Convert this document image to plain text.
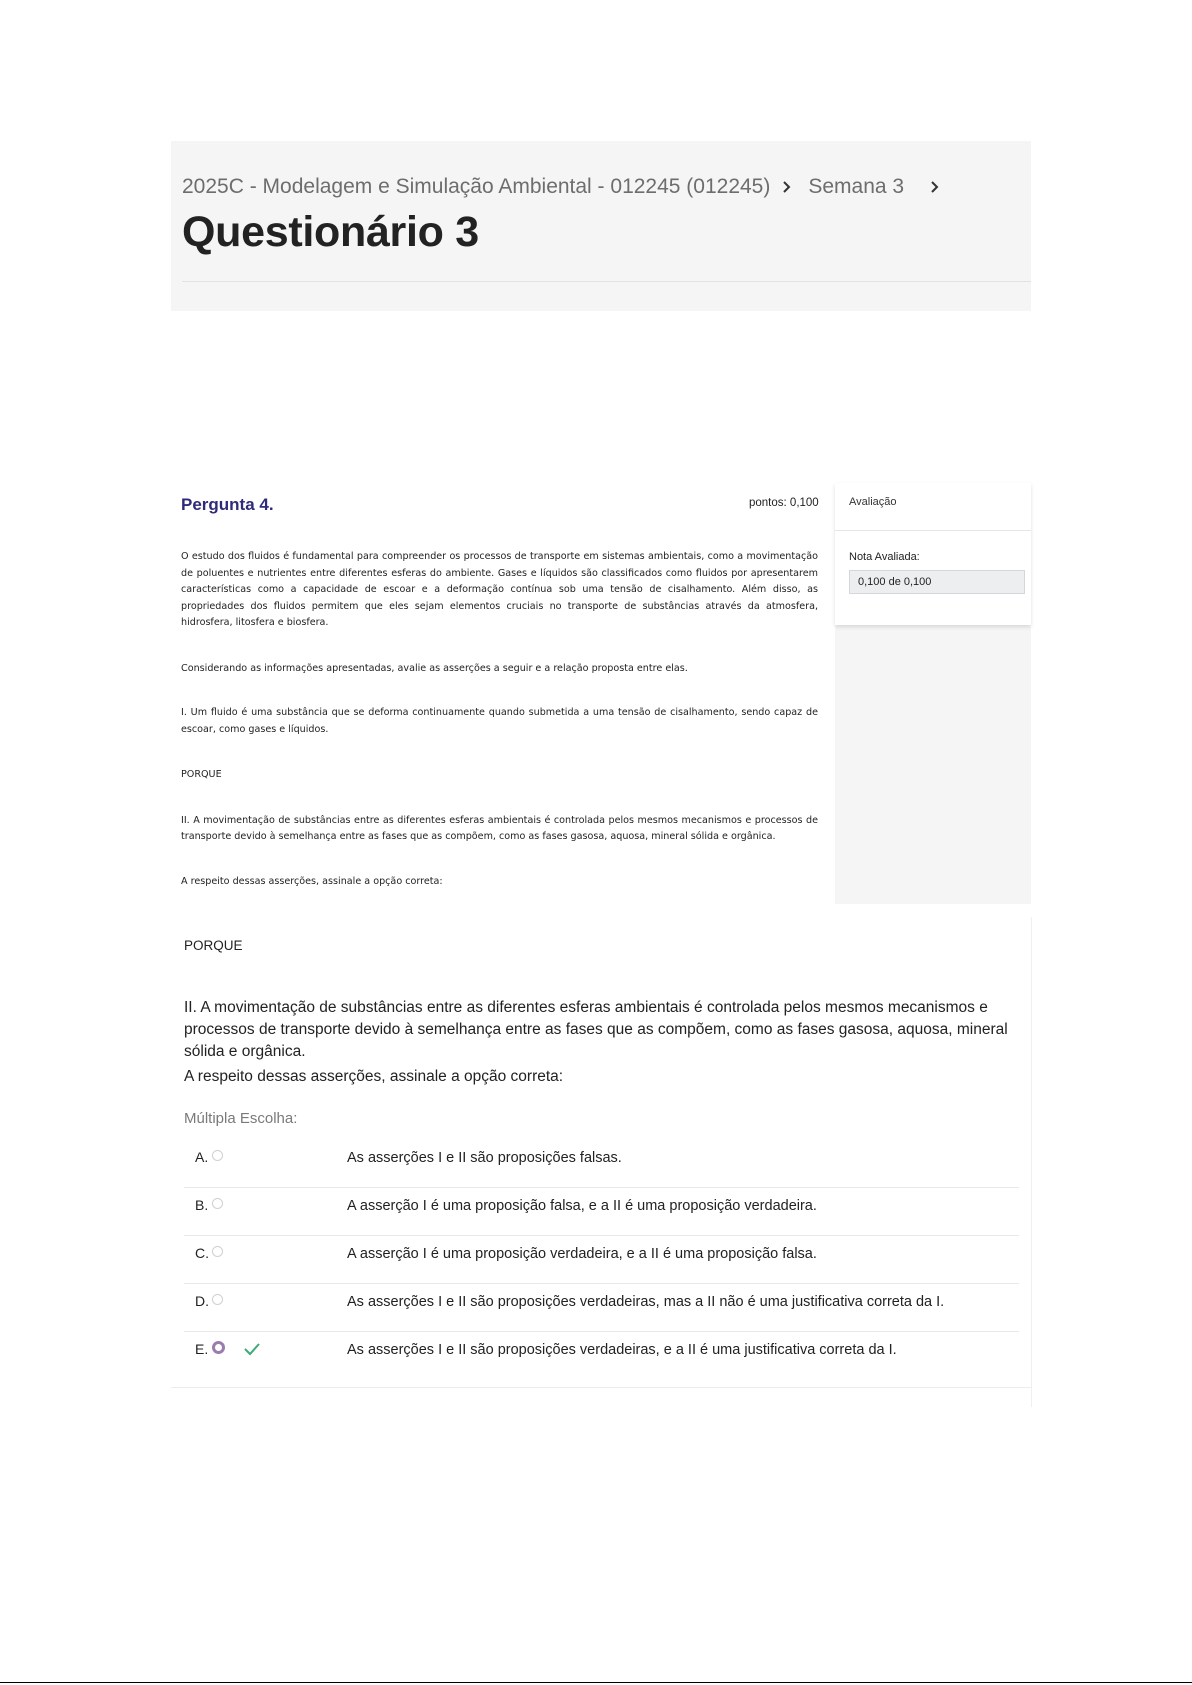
2025C - Modelagem e Simulação Ambiental - 012245 (012245) Semana 3
Questionário 3
Pergunta 4.	pontos: 0,100

O estudo dos fluidos é fundamental para compreender os processos de transporte em sistemas ambientais, como a movimentação de poluentes e nutrientes entre diferentes esferas do ambiente. Gases e líquidos são classificados como fluidos por apresentarem características como a capacidade de escoar e a deformação contínua sob uma tensão de cisalhamento. Além disso, as propriedades dos fluidos permitem que eles sejam elementos cruciais no transporte de substâncias através da atmosfera, hidrosfera, litosfera e biosfera.

Considerando as informações apresentadas, avalie as asserções a seguir e a relação proposta entre elas.

I. Um fluido é uma substância que se deforma continuamente quando submetida a uma tensão de cisalhamento, sendo capaz de escoar, como gases e líquidos.

PORQUE

II. A movimentação de substâncias entre as diferentes esferas ambientais é controlada pelos mesmos mecanismos e processos de transporte devido à semelhança entre as fases que as compõem, como as fases gasosa, aquosa, mineral sólida e orgânica.

A respeito dessas asserções, assinale a opção correta:

Avaliação
Nota Avaliada:
0,100 de 0,100
PORQUE
II. A movimentação de substâncias entre as diferentes esferas ambientais é controlada pelos mesmos mecanismos e processos de transporte devido à semelhança entre as fases que as compõem, como as fases gasosa, aquosa, mineral sólida e orgânica.
A respeito dessas asserções, assinale a opção correta:
Múltipla Escolha:
A.	As asserções I e II são proposições falsas.
B.	A asserção I é uma proposição falsa, e a II é uma proposição verdadeira.
C.	A asserção I é uma proposição verdadeira, e a II é uma proposição falsa.
D.	As asserções I e II são proposições verdadeiras, mas a II não é uma justificativa correta da I.
E.	As asserções I e II são proposições verdadeiras, e a II é uma justificativa correta da I.
